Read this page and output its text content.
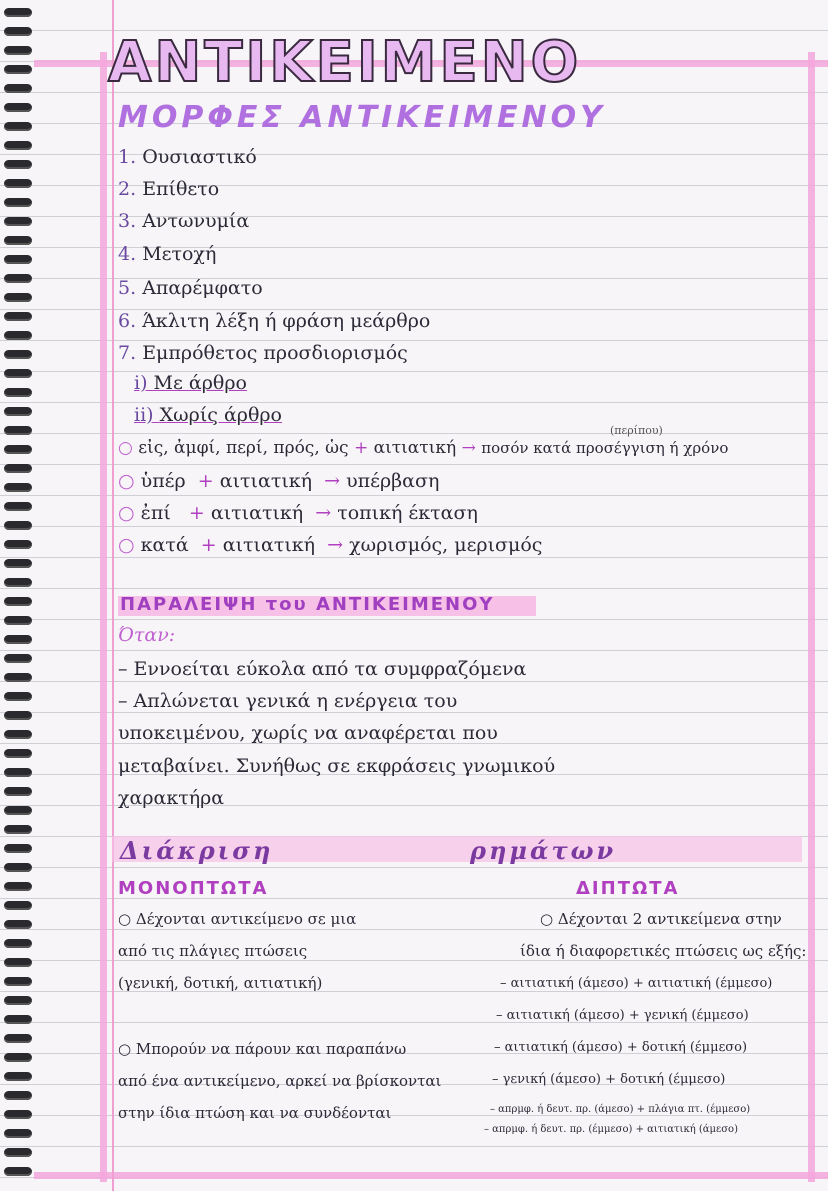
ANTIKEIMENO
ΜΟΡΦΕΣ ΑΝΤΙΚΕΙΜΕΝΟΥ

1. Ουσιαστικό

2. Επίθετο

3. Αντωνυμία

4. Μετοχή

5. Απαρέμφατο

6. Άκλιτη λέξη ή φράση μεάρθρο

7. Εμπρόθετος προσδιορισμός

i) Με άρθρο

ii) Χωρίς άρθρο

(περίπου)

○ εἰς, ἀμφί, περί, πρός, ὡς + αιτιατική → ποσόν κατά προσέγγιση ή χρόνο

○ ὑπέρ + αιτιατική → υπέρβαση

○ ἐπί + αιτιατική → τοπική έκταση

○ κατά + αιτιατική → χωρισμός, μερισμός

ΠΑΡΑΛΕΙΨΗ του ΑΝΤΙΚΕΙΜΕΝΟΥ

Όταν:

– Εννοείται εύκολα από τα συμφραζόμενα

– Απλώνεται γενικά η ενέργεια του

υποκειμένου, χωρίς να αναφέρεται που

μεταβαίνει. Συνήθως σε εκφράσεις γνωμικού

χαρακτήρα

Διάκριση	ρημάτων
ΜΟΝΟΠΤΩΤΑ	ΔΙΠΤΩΤΑ

○ Δέχονται αντικείμενο σε μια

από τις πλάγιες πτώσεις

(γενική, δοτική, αιτιατική)

○ Μπορούν να πάρουν και παραπάνω

από ένα αντικείμενο, αρκεί να βρίσκονται

στην ίδια πτώση και να συνδέονται

○ Δέχονται 2 αντικείμενα στην

ίδια ή διαφορετικές πτώσεις ως εξής:

– αιτιατική (άμεσο) + αιτιατική (έμμεσο)

– αιτιατική (άμεσο) + γενική (έμμεσο)

– αιτιατική (άμεσο) + δοτική (έμμεσο)

– γενική (άμεσο) + δοτική (έμμεσο)

– απρμφ. ή δευτ. πρ. (άμεσο) + πλάγια πτ. (έμμεσο)

– απρμφ. ή δευτ. πρ. (έμμεσο) + αιτιατική (άμεσο)
